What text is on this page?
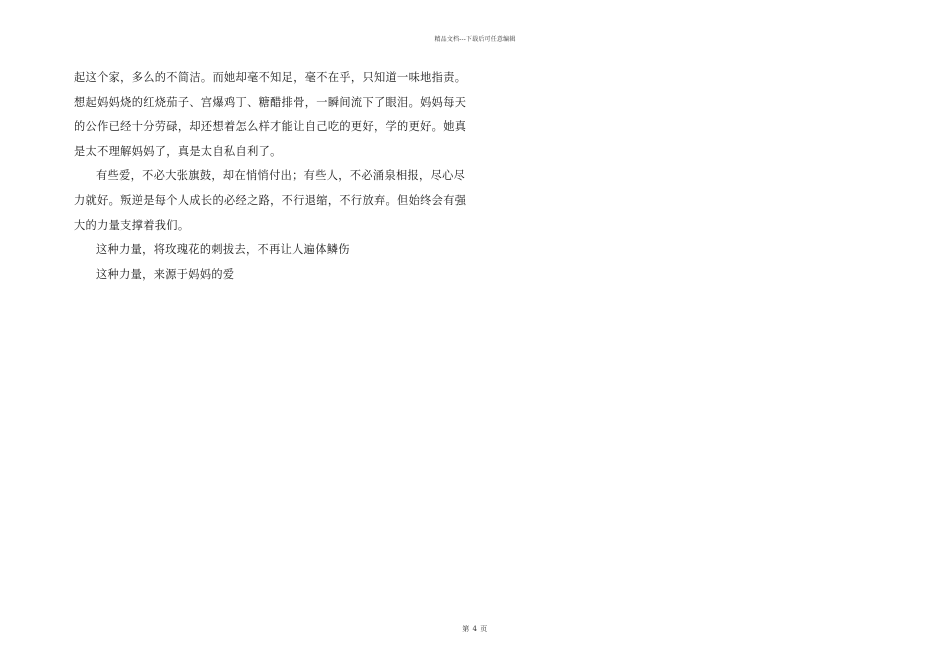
精品文档---下载后可任意编辑
起这个家，多么的不简洁。而她却毫不知足，毫不在乎，只知道一味地指责。
想起妈妈烧的红烧茄子、宫爆鸡丁、糖醋排骨，一瞬间流下了眼泪。妈妈每天
的公作已经十分劳碌，却还想着怎么样才能让自己吃的更好，学的更好。她真
是太不理解妈妈了，真是太自私自利了。
有些爱，不必大张旗鼓，却在悄悄付出；有些人，不必涌泉相报，尽心尽
力就好。叛逆是每个人成长的必经之路，不行退缩，不行放弃。但始终会有强
大的力量支撑着我们。
这种力量，将玫瑰花的刺拔去，不再让人遍体鳞伤
这种力量，来源于妈妈的爱
第 4 页
